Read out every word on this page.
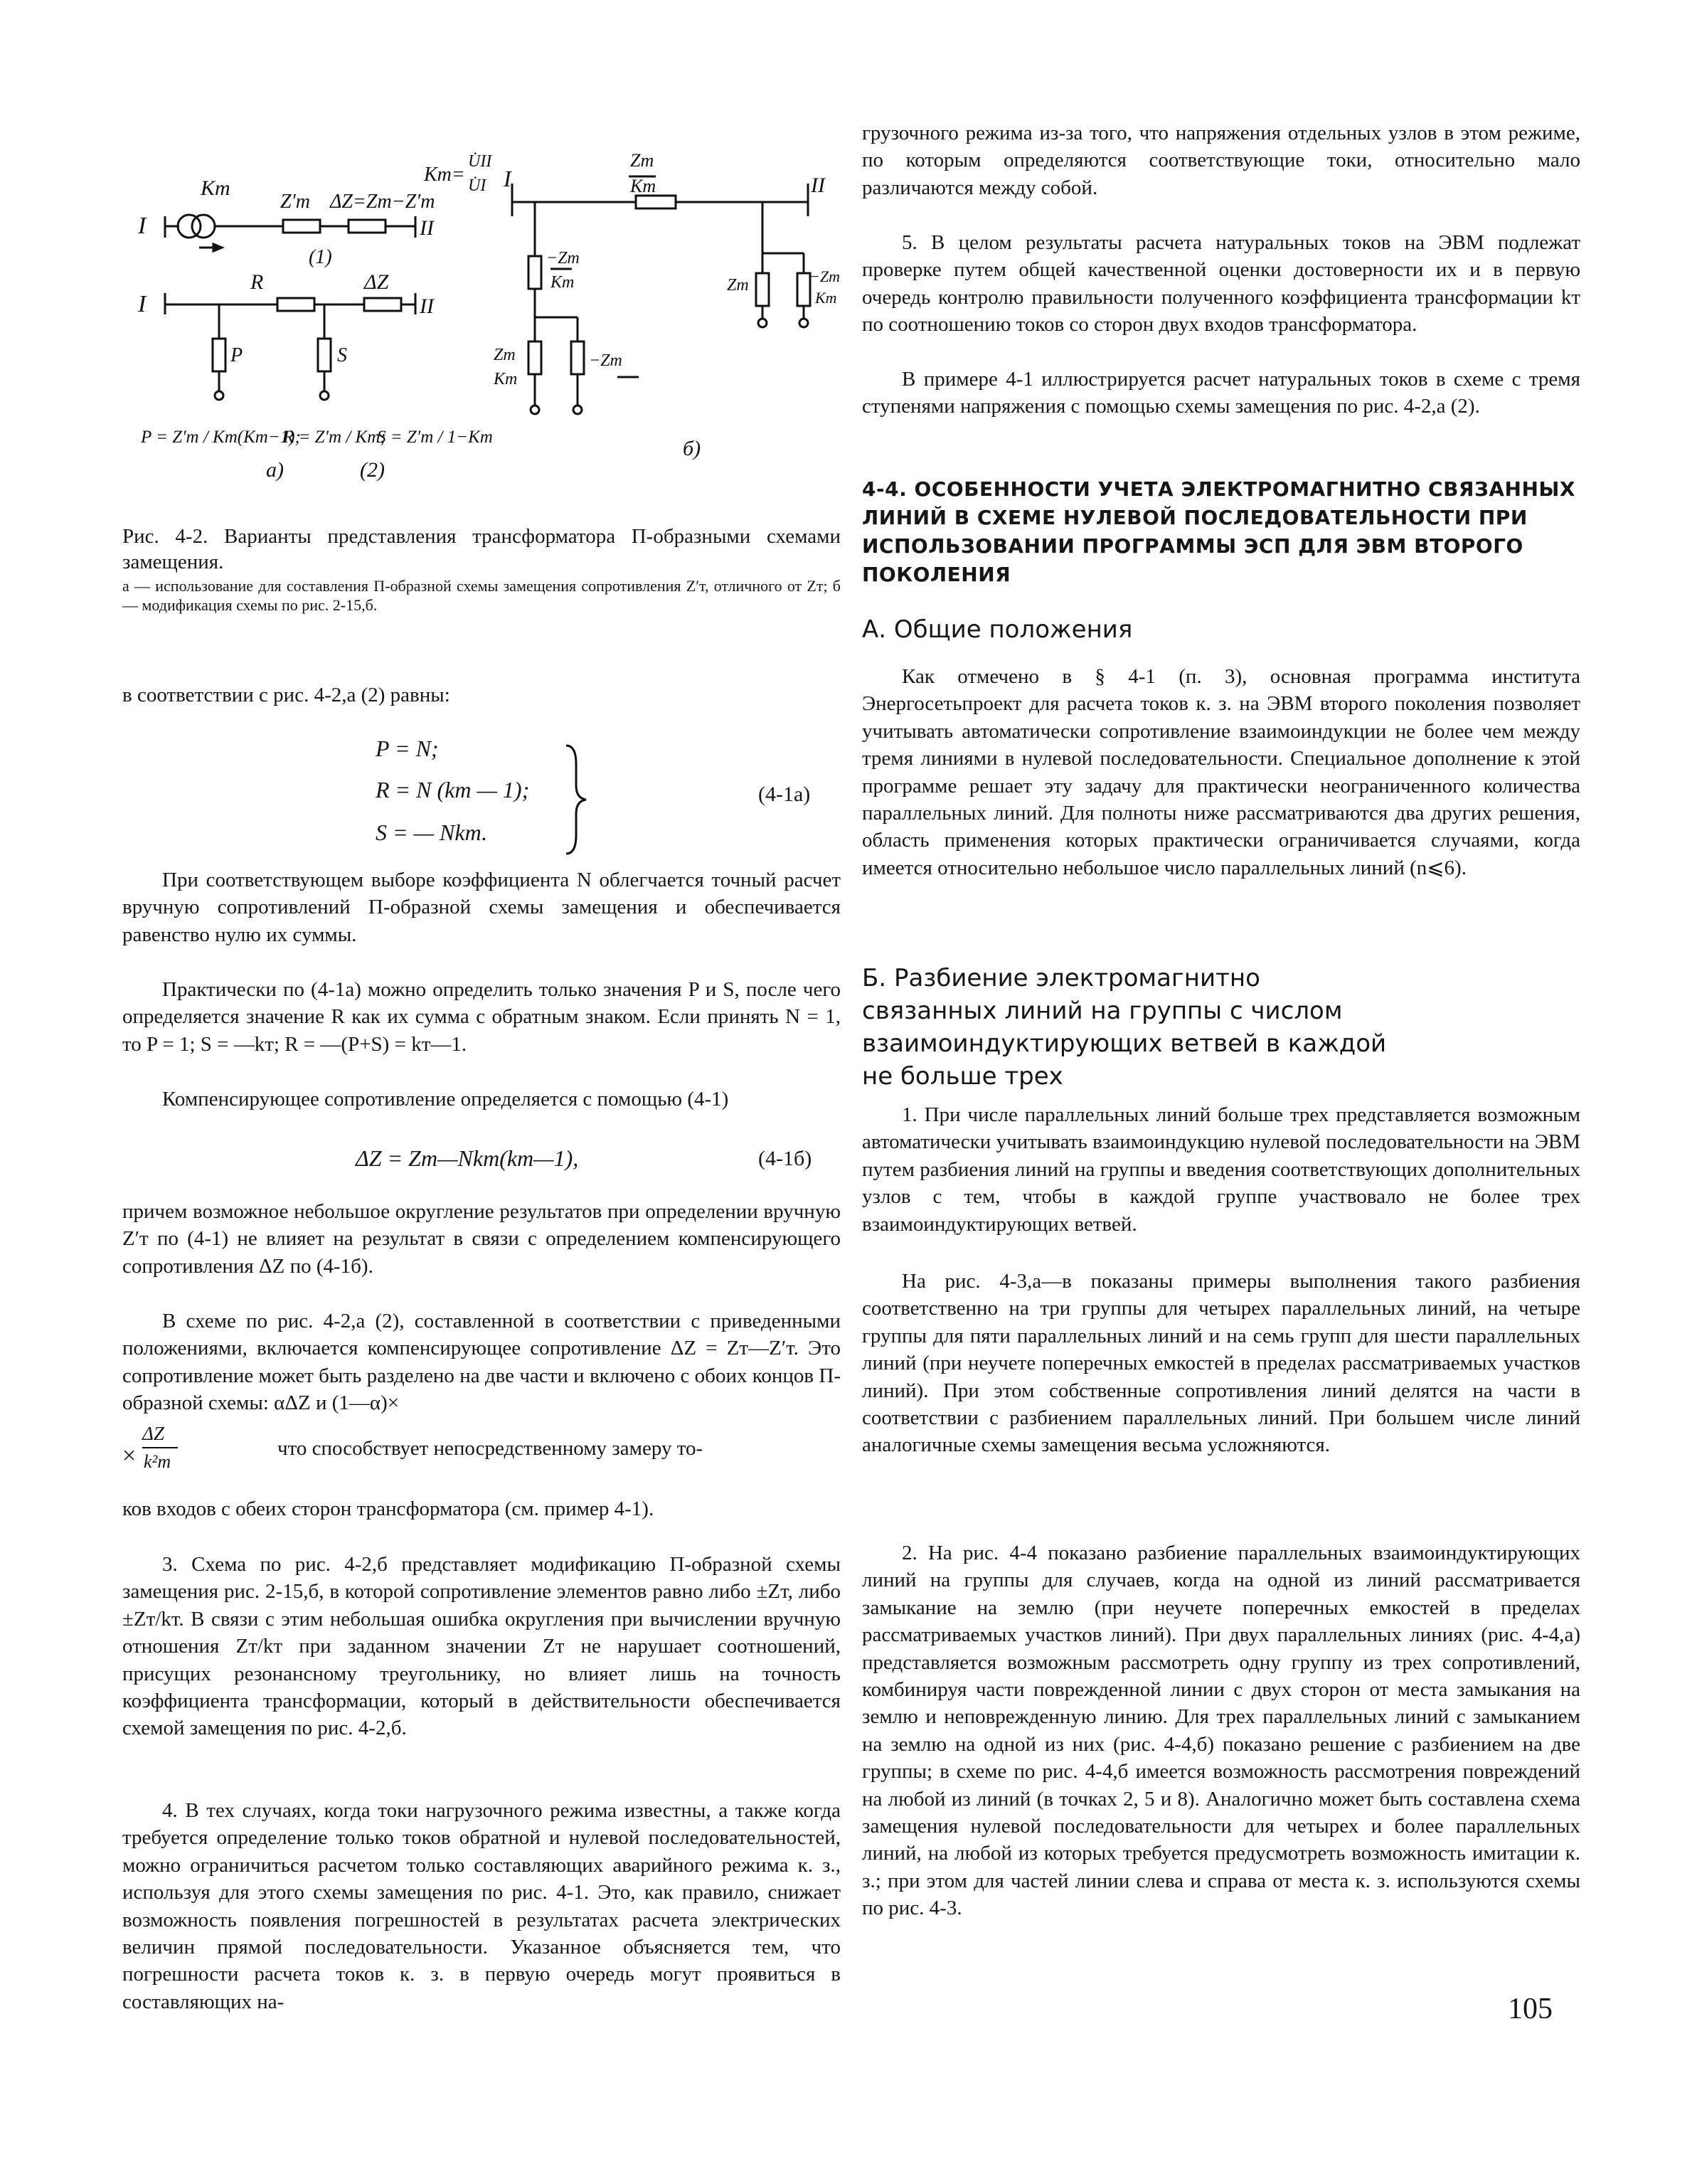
I	II
Kт
Z′т ΔZ=Zт−Z′т
(1)
I	II
R	ΔZ
P	S
P = Z′т / Kт(Kт−1);
R = Z′т / Kт;
S = Z′т / 1−Kт
а)	(2)
Kт=
U̇II
U̇I I	II
Zт
Kт
−Zт
Kт
Zт
Kт
−Zт
Zт	−Zт
Kт
б)
Рис. 4-2. Варианты представления трансформатора П-образными схемами замещения.
а — использование для составления П-образной схемы замещения сопротивления Z′т, отличного от Zт; б — модификация схемы по рис. 2-15,б.

в соответствии с рис. 4-2,а (2) равны:

P = N;
R = N (kт — 1);
S = — Nkт.
(4-1а)

При соответствующем выборе коэффициента N облегчается точный расчет вручную сопротивлений П-образной схемы замещения и обеспечивается равенство нулю их суммы.

Практически по (4-1а) можно определить только значения P и S, после чего определяется значение R как их сумма с обратным знаком. Если принять N = 1, то P = 1; S = —kт; R = —(P+S) = kт—1.

Компенсирующее сопротивление определяется с помощью (4-1)

ΔZ = Zт—Nkт(kт—1),	(4-1б)

причем возможное небольшое округление результатов при определении вручную Z′т по (4-1) не влияет на результат в связи с определением компенсирующего сопротивления ΔZ по (4-1б).

В схеме по рис. 4-2,а (2), составленной в соответствии с приведенными положениями, включается компенсирующее сопротивление ΔZ = Zт—Z′т. Это сопротивление может быть разделено на две части и включено с обоих концов П-образной схемы: αΔZ и (1—α)×

×
ΔZ
k²т
что способствует непосредственному замеру то-

ков входов с обеих сторон трансформатора (см. пример 4-1).

3. Схема по рис. 4-2,б представляет модификацию П-образной схемы замещения рис. 2-15,б, в которой сопротивление элементов равно либо ±Zт, либо ±Zт/kт. В связи с этим небольшая ошибка округления при вычислении вручную отношения Zт/kт при заданном значении Zт не нарушает соотношений, присущих резонансному треугольнику, но влияет лишь на точность коэффициента трансформации, который в действительности обеспечивается схемой замещения по рис. 4-2,б.

4. В тех случаях, когда токи нагрузочного режима известны, а также когда требуется определение только токов обратной и нулевой последовательностей, можно ограничиться расчетом только составляющих аварийного режима к. з., используя для этого схемы замещения по рис. 4-1. Это, как правило, снижает возможность появления погрешностей в результатах расчета электрических величин прямой последовательности. Указанное объясняется тем, что погрешности расчета токов к. з. в первую очередь могут проявиться в составляющих на-

грузочного режима из-за того, что напряжения отдельных узлов в этом режиме, по которым определяются соответствующие токи, относительно мало различаются между собой.

5. В целом результаты расчета натуральных токов на ЭВМ подлежат проверке путем общей качественной оценки достоверности их и в первую очередь контролю правильности полученного коэффициента трансформации kт по соотношению токов со сторон двух входов трансформатора.

В примере 4-1 иллюстрируется расчет натуральных токов в схеме с тремя ступенями напряжения с помощью схемы замещения по рис. 4-2,а (2).

4-4. ОСОБЕННОСТИ УЧЕТА ЭЛЕКТРОМАГНИТНО СВЯЗАННЫХ ЛИНИЙ В СХЕМЕ НУЛЕВОЙ ПОСЛЕДОВАТЕЛЬНОСТИ ПРИ ИСПОЛЬЗОВАНИИ ПРОГРАММЫ ЭСП ДЛЯ ЭВМ ВТОРОГО ПОКОЛЕНИЯ
А. Общие положения

Как отмечено в § 4-1 (п. 3), основная программа института Энергосетьпроект для расчета токов к. з. на ЭВМ второго поколения позволяет учитывать автоматически сопротивление взаимоиндукции не более чем между тремя линиями в нулевой последовательности. Специальное дополнение к этой программе решает эту задачу для практически неограниченного количества параллельных линий. Для полноты ниже рассматриваются два других решения, область применения которых практически ограничивается случаями, когда имеется относительно небольшое число параллельных линий (n⩽6).

Б. Разбиение электромагнитно связанных линий на группы с числом взаимоиндуктирующих ветвей в каждой не больше трех

1. При числе параллельных линий больше трех представляется возможным автоматически учитывать взаимоиндукцию нулевой последовательности на ЭВМ путем разбиения линий на группы и введения соответствующих дополнительных узлов с тем, чтобы в каждой группе участвовало не более трех взаимоиндуктирующих ветвей.

На рис. 4-3,а—в показаны примеры выполнения такого разбиения соответственно на три группы для четырех параллельных линий, на четыре группы для пяти параллельных линий и на семь групп для шести параллельных линий (при неучете поперечных емкостей в пределах рассматриваемых участков линий). При этом собственные сопротивления линий делятся на части в соответствии с разбиением параллельных линий. При большем числе линий аналогичные схемы замещения весьма усложняются.

2. На рис. 4-4 показано разбиение параллельных взаимоиндуктирующих линий на группы для случаев, когда на одной из линий рассматривается замыкание на землю (при неучете поперечных емкостей в пределах рассматриваемых участков линий). При двух параллельных линиях (рис. 4-4,а) представляется возможным рассмотреть одну группу из трех сопротивлений, комбинируя части поврежденной линии с двух сторон от места замыкания на землю и неповрежденную линию. Для трех параллельных линий с замыканием на землю на одной из них (рис. 4-4,б) показано решение с разбиением на две группы; в схеме по рис. 4-4,б имеется возможность рассмотрения повреждений на любой из линий (в точках 2, 5 и 8). Аналогично может быть составлена схема замещения нулевой последовательности для четырех и более параллельных линий, на любой из которых требуется предусмотреть возможность имитации к. з.; при этом для частей линии слева и справа от места к. з. используются схемы по рис. 4-3.

105
